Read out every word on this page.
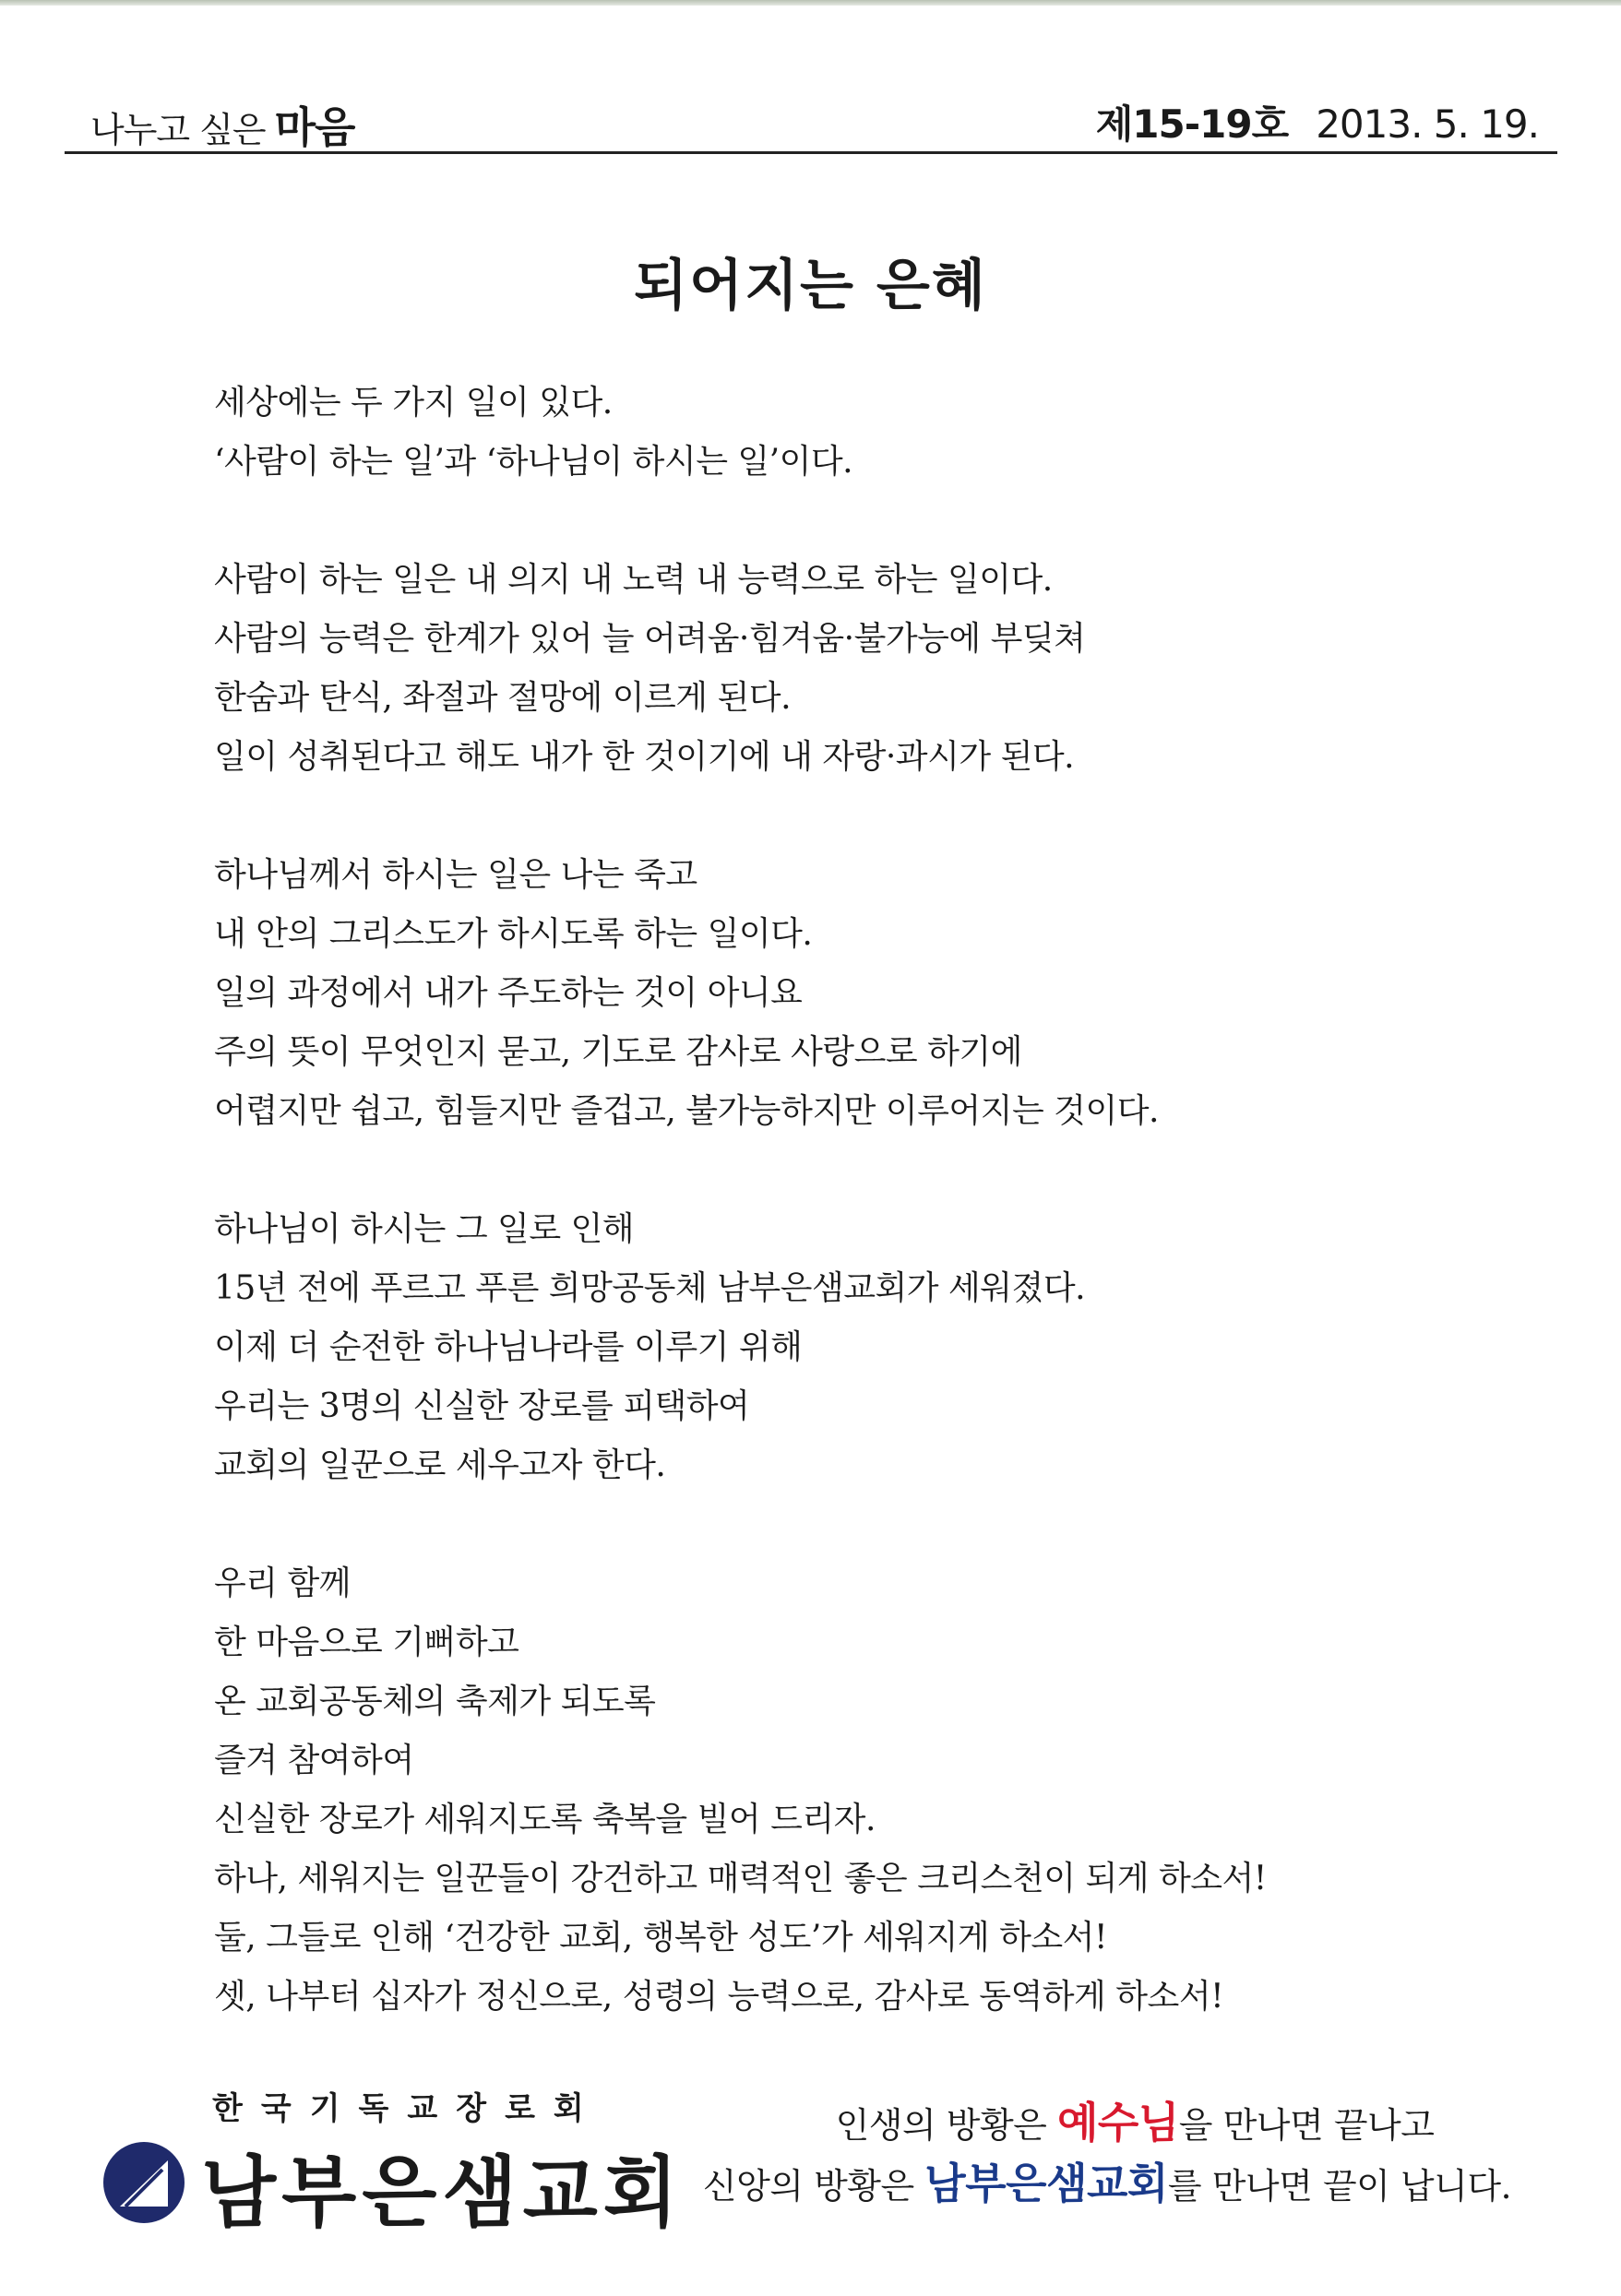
나누고 싶은 마음	제15-19호 2013. 5. 19.
되어지는 은혜
세상에는 두 가지 일이 있다.
‘사람이 하는 일’과 ‘하나님이 하시는 일’이다.
사람이 하는 일은 내 의지 내 노력 내 능력으로 하는 일이다.
사람의 능력은 한계가 있어 늘 어려움·힘겨움·불가능에 부딪쳐
한숨과 탄식, 좌절과 절망에 이르게 된다.
일이 성취된다고 해도 내가 한 것이기에 내 자랑·과시가 된다.
하나님께서 하시는 일은 나는 죽고
내 안의 그리스도가 하시도록 하는 일이다.
일의 과정에서 내가 주도하는 것이 아니요
주의 뜻이 무엇인지 묻고, 기도로 감사로 사랑으로 하기에
어렵지만 쉽고, 힘들지만 즐겁고, 불가능하지만 이루어지는 것이다.
하나님이 하시는 그 일로 인해
15년 전에 푸르고 푸른 희망공동체 남부은샘교회가 세워졌다.
이제 더 순전한 하나님나라를 이루기 위해
우리는 3명의 신실한 장로를 피택하여
교회의 일꾼으로 세우고자 한다.
우리 함께
한 마음으로 기뻐하고
온 교회공동체의 축제가 되도록
즐겨 참여하여
신실한 장로가 세워지도록 축복을 빌어 드리자.
하나, 세워지는 일꾼들이 강건하고 매력적인 좋은 크리스천이 되게 하소서!
둘, 그들로 인해 ‘건강한 교회, 행복한 성도’가 세워지게 하소서!
셋, 나부터 십자가 정신으로, 성령의 능력으로, 감사로 동역하게 하소서!
한국기독교장로회
남부은샘교회
인생의 방황은 예수님을 만나면 끝나고
신앙의 방황은 남부은샘교회를 만나면 끝이 납니다.
